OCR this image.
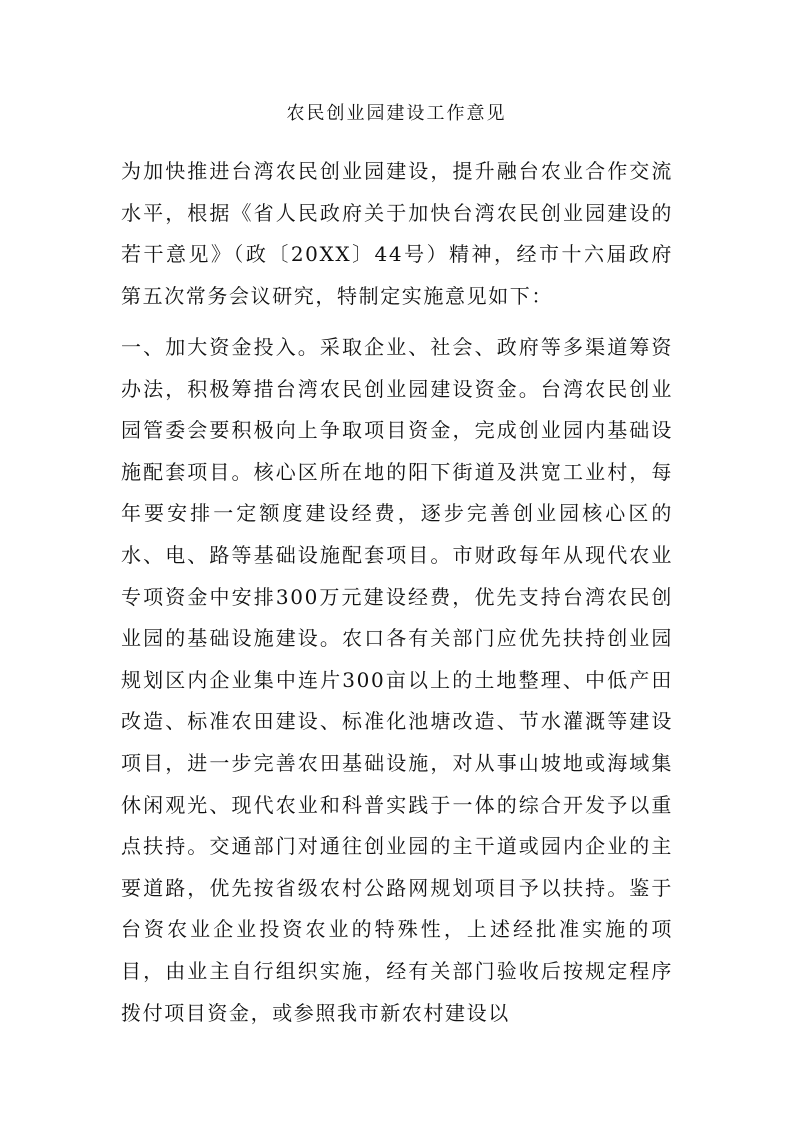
农民创业园建设工作意见
为加快推进台湾农民创业园建设，提升融台农业合作交流水平，根据《省人民政府关于加快台湾农民创业园建设的若干意见》（政〔20XX〕44号）精神，经市十六届政府第五次常务会议研究，特制定实施意见如下：
一、加大资金投入。采取企业、社会、政府等多渠道筹资办法，积极筹措台湾农民创业园建设资金。台湾农民创业园管委会要积极向上争取项目资金，完成创业园内基础设施配套项目。核心区所在地的阳下街道及洪宽工业村，每年要安排一定额度建设经费，逐步完善创业园核心区的水、电、路等基础设施配套项目。市财政每年从现代农业专项资金中安排300万元建设经费，优先支持台湾农民创业园的基础设施建设。农口各有关部门应优先扶持创业园规划区内企业集中连片300亩以上的土地整理、中低产田改造、标准农田建设、标准化池塘改造、节水灌溉等建设项目，进一步完善农田基础设施，对从事山坡地或海域集休闲观光、现代农业和科普实践于一体的综合开发予以重点扶持。交通部门对通往创业园的主干道或园内企业的主要道路，优先按省级农村公路网规划项目予以扶持。鉴于台资农业企业投资农业的特殊性，上述经批准实施的项目，由业主自行组织实施，经有关部门验收后按规定程序拨付项目资金，或参照我市新农村建设以
